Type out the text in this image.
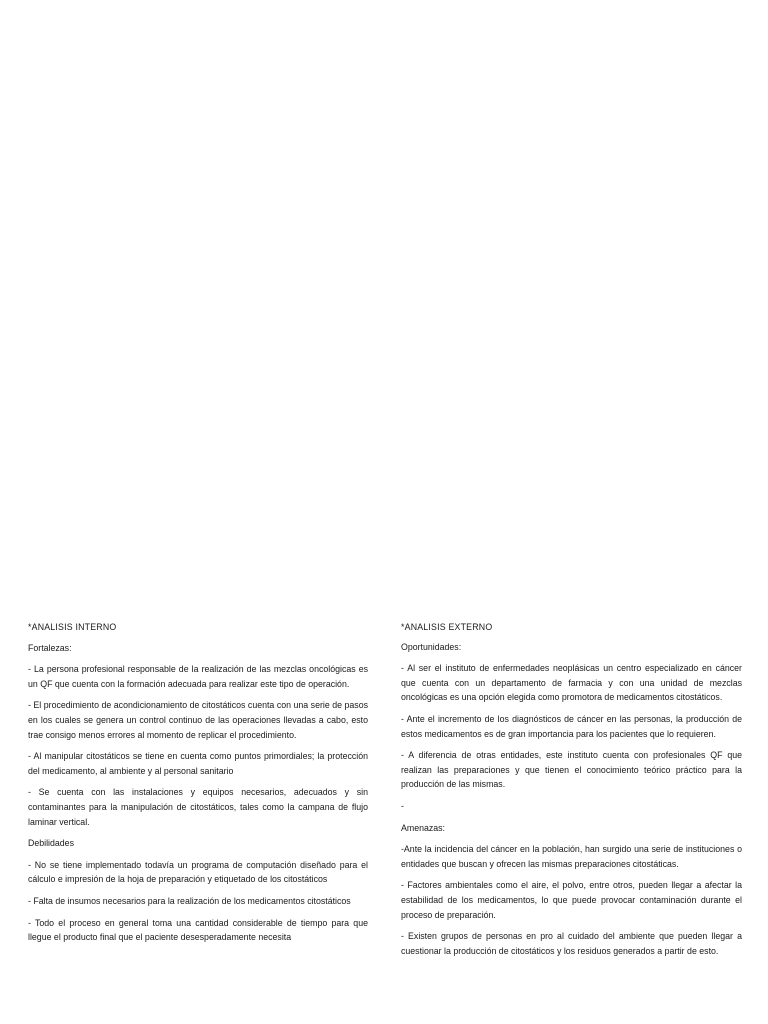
*ANALISIS INTERNO

Fortalezas:

- La persona profesional responsable de la realización de las mezclas oncológicas es un QF que cuenta con la formación adecuada para realizar este tipo de operación.

- El procedimiento de acondicionamiento de citostáticos cuenta con una serie de pasos en los cuales se genera un control continuo de las operaciones llevadas a cabo, esto trae consigo menos errores al momento de replicar el procedimiento.

- Al manipular citostáticos se tiene en cuenta como puntos primordiales; la protección del medicamento, al ambiente y al personal sanitario

- Se cuenta con las instalaciones y equipos necesarios, adecuados y sin contaminantes para la manipulación de citostáticos, tales como la campana de flujo laminar vertical.

Debilidades

- No se tiene implementado todavía un programa de computación diseñado para el cálculo e impresión de la hoja de preparación y etiquetado de los citostáticos

- Falta de insumos necesarios para la realización de los medicamentos citostáticos

- Todo el proceso en general toma una cantidad considerable de tiempo para que llegue el producto final que el paciente desesperadamente necesita

*ANALISIS EXTERNO

Oportunidades:

- Al ser el instituto de enfermedades neoplásicas un centro especializado en cáncer que cuenta con un departamento de farmacia y con una unidad de mezclas oncológicas es una opción elegida como promotora de medicamentos citostáticos.

- Ante el incremento de los diagnósticos de cáncer en las personas, la producción de estos medicamentos es de gran importancia para los pacientes que lo requieren.

- A diferencia de otras entidades, este instituto cuenta con profesionales QF que realizan las preparaciones y que tienen el conocimiento teórico práctico para la producción de las mismas.

-

Amenazas:

-Ante la incidencia del cáncer en la población, han surgido una serie de instituciones o entidades que buscan y ofrecen las mismas preparaciones citostáticas.

- Factores ambientales como el aire, el polvo, entre otros, pueden llegar a afectar la estabilidad de los medicamentos, lo que puede provocar contaminación durante el proceso de preparación.

- Existen grupos de personas en pro al cuidado del ambiente que pueden llegar a cuestionar la producción de citostáticos y los residuos generados a partir de esto.
